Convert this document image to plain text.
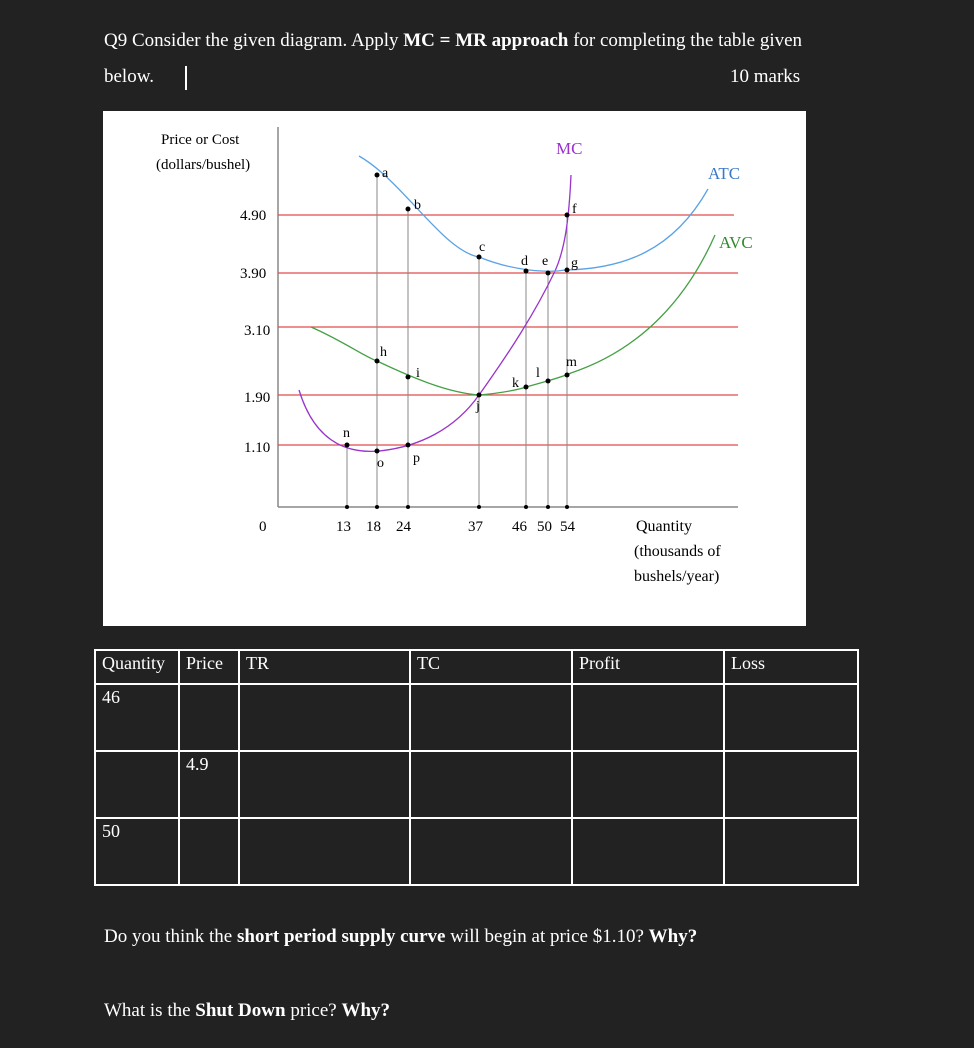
Q9 Consider the given diagram. Apply MC = MR approach for completing the table given
below.	10 marks
Price or Cost
(dollars/bushel)
4.90
3.90
3.10
1.90
1.10
0
MC
ATC
AVC
a
b
c
d e
f
g
h
i
j
k
l
m
n
o p
13 18 24	37 46 50 54	Quantity
(thousands of
bushels/year)
Quantity	Price	TR	TC	Profit	Loss
46					
	4.9				
50					
Do you think the short period supply curve will begin at price $1.10? Why?
What is the Shut Down price? Why?
